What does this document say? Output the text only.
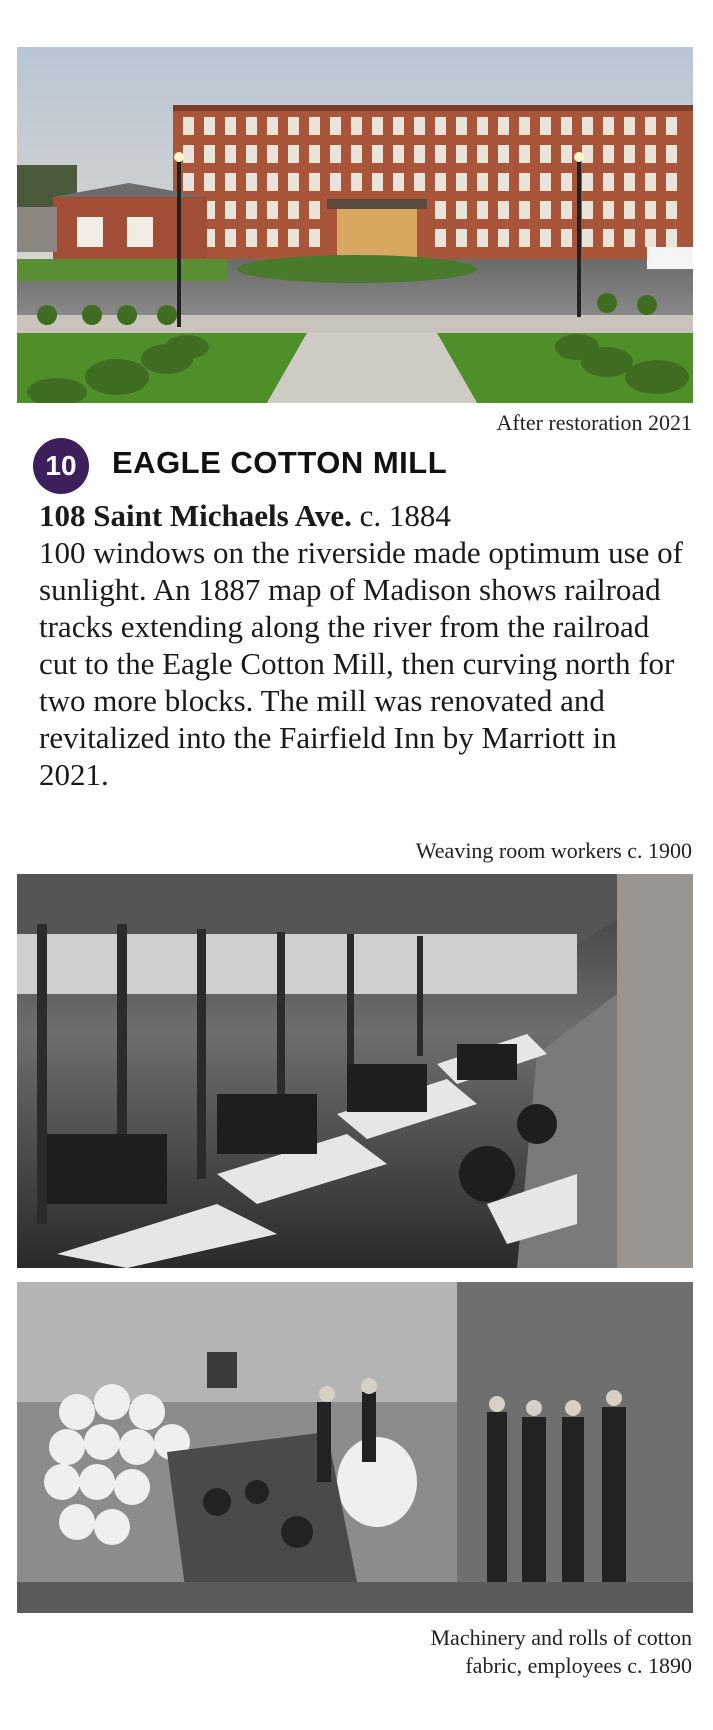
After restoration 2021
10	EAGLE COTTON MILL
108 Saint Michaels Ave. c. 1884
100 windows on the riverside made optimum use of sunlight. An 1887 map of Madison shows railroad tracks extending along the river from the railroad cut to the Eagle Cotton Mill, then curving north for two more blocks. The mill was renovated and revitalized into the Fairfield Inn by Marriott in 2021.
Weaving room workers c. 1900
Machinery and rolls of cotton
fabric, employees c. 1890
